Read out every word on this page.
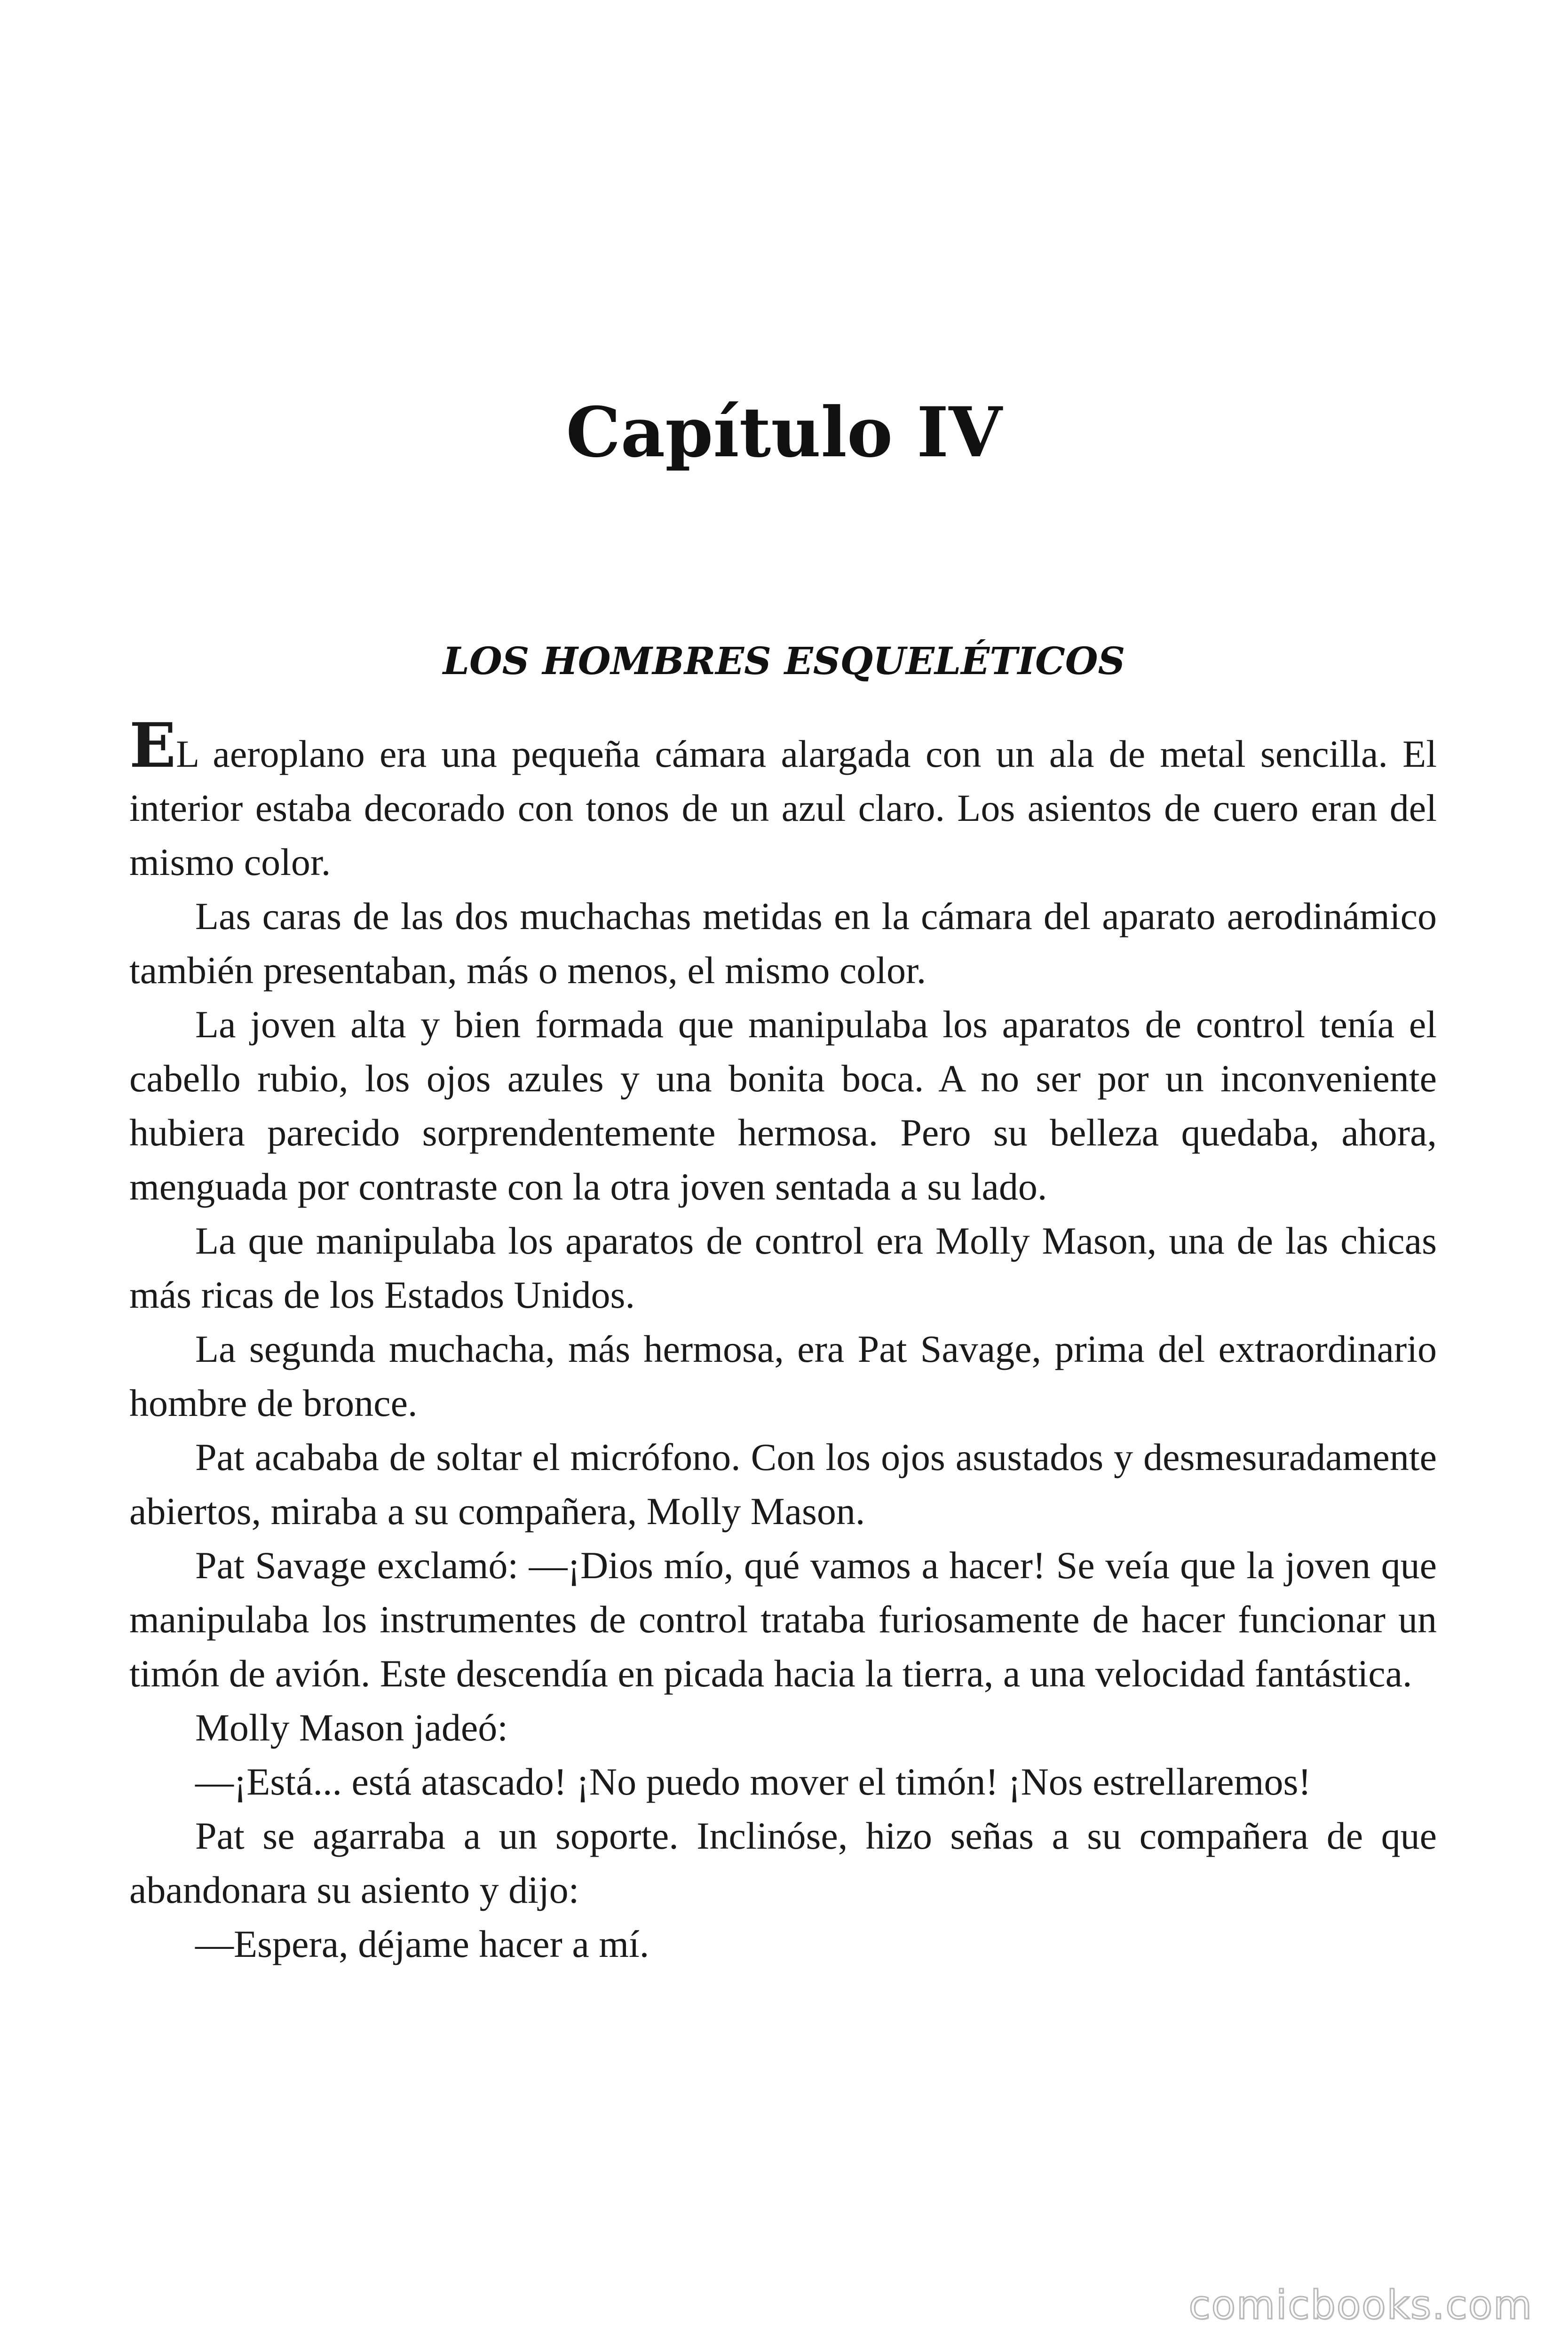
Capítulo IV
LOS HOMBRES ESQUELÉTICOS

EL aeroplano era una pequeña cámara alargada con un ala de metal sencilla. El interior estaba decorado con tonos de un azul claro. Los asientos de cuero eran del mismo color.

Las caras de las dos muchachas metidas en la cámara del aparato aerodinámico también presentaban, más o menos, el mismo color.

La joven alta y bien formada que manipulaba los aparatos de control tenía el cabello rubio, los ojos azules y una bonita boca. A no ser por un inconveniente hubiera parecido sorprendentemente hermosa. Pero su belleza quedaba, ahora, menguada por contraste con la otra joven sentada a su lado.

La que manipulaba los aparatos de control era Molly Mason, una de las chicas más ricas de los Estados Unidos.

La segunda muchacha, más hermosa, era Pat Savage, prima del extraordinario hombre de bronce.

Pat acababa de soltar el micrófono. Con los ojos asustados y desmesuradamente abiertos, miraba a su compañera, Molly Mason.

Pat Savage exclamó: —¡Dios mío, qué vamos a hacer! Se veía que la joven que manipulaba los instrumentes de control trataba furiosamente de hacer funcionar un timón de avión. Este descendía en picada hacia la tierra, a una velocidad fantástica.

Molly Mason jadeó:

—¡Está... está atascado! ¡No puedo mover el timón! ¡Nos estrellaremos!

Pat se agarraba a un soporte. Inclinóse, hizo señas a su compañera de que abandonara su asiento y dijo:

—Espera, déjame hacer a mí.

comicbooks.com
